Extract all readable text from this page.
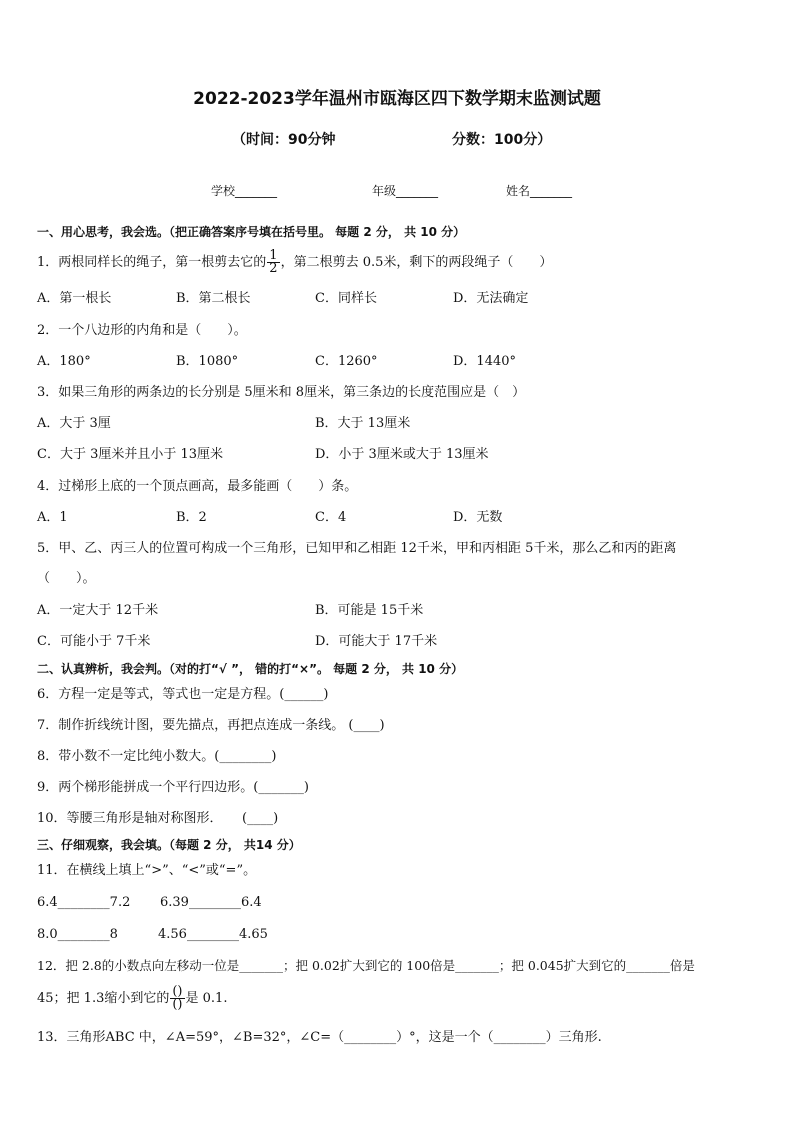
2022-2023学年温州市瓯海区四下数学期末监测试题
（时间：90分钟	分数：100分）
学校_______	年级_______	姓名_______
一、用心思考，我会选。（把正确答案序号填在括号里。 每题 2 分， 共 10 分）
1．两根同样长的绳子，第一根剪去它的 $\frac{1}{2}$ ，第二根剪去 0.5米，剩下的两段绳子（　　）
A．第一根长	B．第二根长	C．同样长	D．无法确定
2．一个八边形的内角和是（　　）。
A．180°	B．1080°	C．1260°	D．1440°
3．如果三角形的两条边的长分别是 5厘米和 8厘米，第三条边的长度范围应是（　）
A．大于 3厘	B．大于 13厘米
C．大于 3厘米并且小于 13厘米	D．小于 3厘米或大于 13厘米
4．过梯形上底的一个顶点画高，最多能画（　　）条。
A．1	B．2	C．4	D．无数
5．甲、乙、丙三人的位置可构成一个三角形，已知甲和乙相距 12千米，甲和丙相距 5千米，那么乙和丙的距离
（　　）。
A．一定大于 12千米	B．可能是 15千米
C．可能小于 7千米	D．可能大于 17千米
二、认真辨析，我会判。（对的打“√ ”， 错的打“×”。 每题 2 分， 共 10 分）
6．方程一定是等式，等式也一定是方程。(______)
7．制作折线统计图，要先描点，再把点连成一条线。 (____)
8．带小数不一定比纯小数大。(________)
9．两个梯形能拼成一个平行四边形。(_______)
10．等腰三角形是轴对称图形．　　(____)
三、仔细观察，我会填。（每题 2 分， 共14 分）
11．在横线上填上“>”、“<”或“=”。
6.4________7.2 6.39________6.4
8.0________8	4.56________4.65
12．把 2.8的小数点向左移动一位是_______；把 0.02扩大到它的 100倍是_______；把 0.045扩大到它的_______倍是
45；把 1.3缩小到它的 $\frac{()}{()}$ 是 0.1.
13．三角形ABC 中，∠A=59°，∠B=32°，∠C=（________）°，这是一个（________）三角形.
